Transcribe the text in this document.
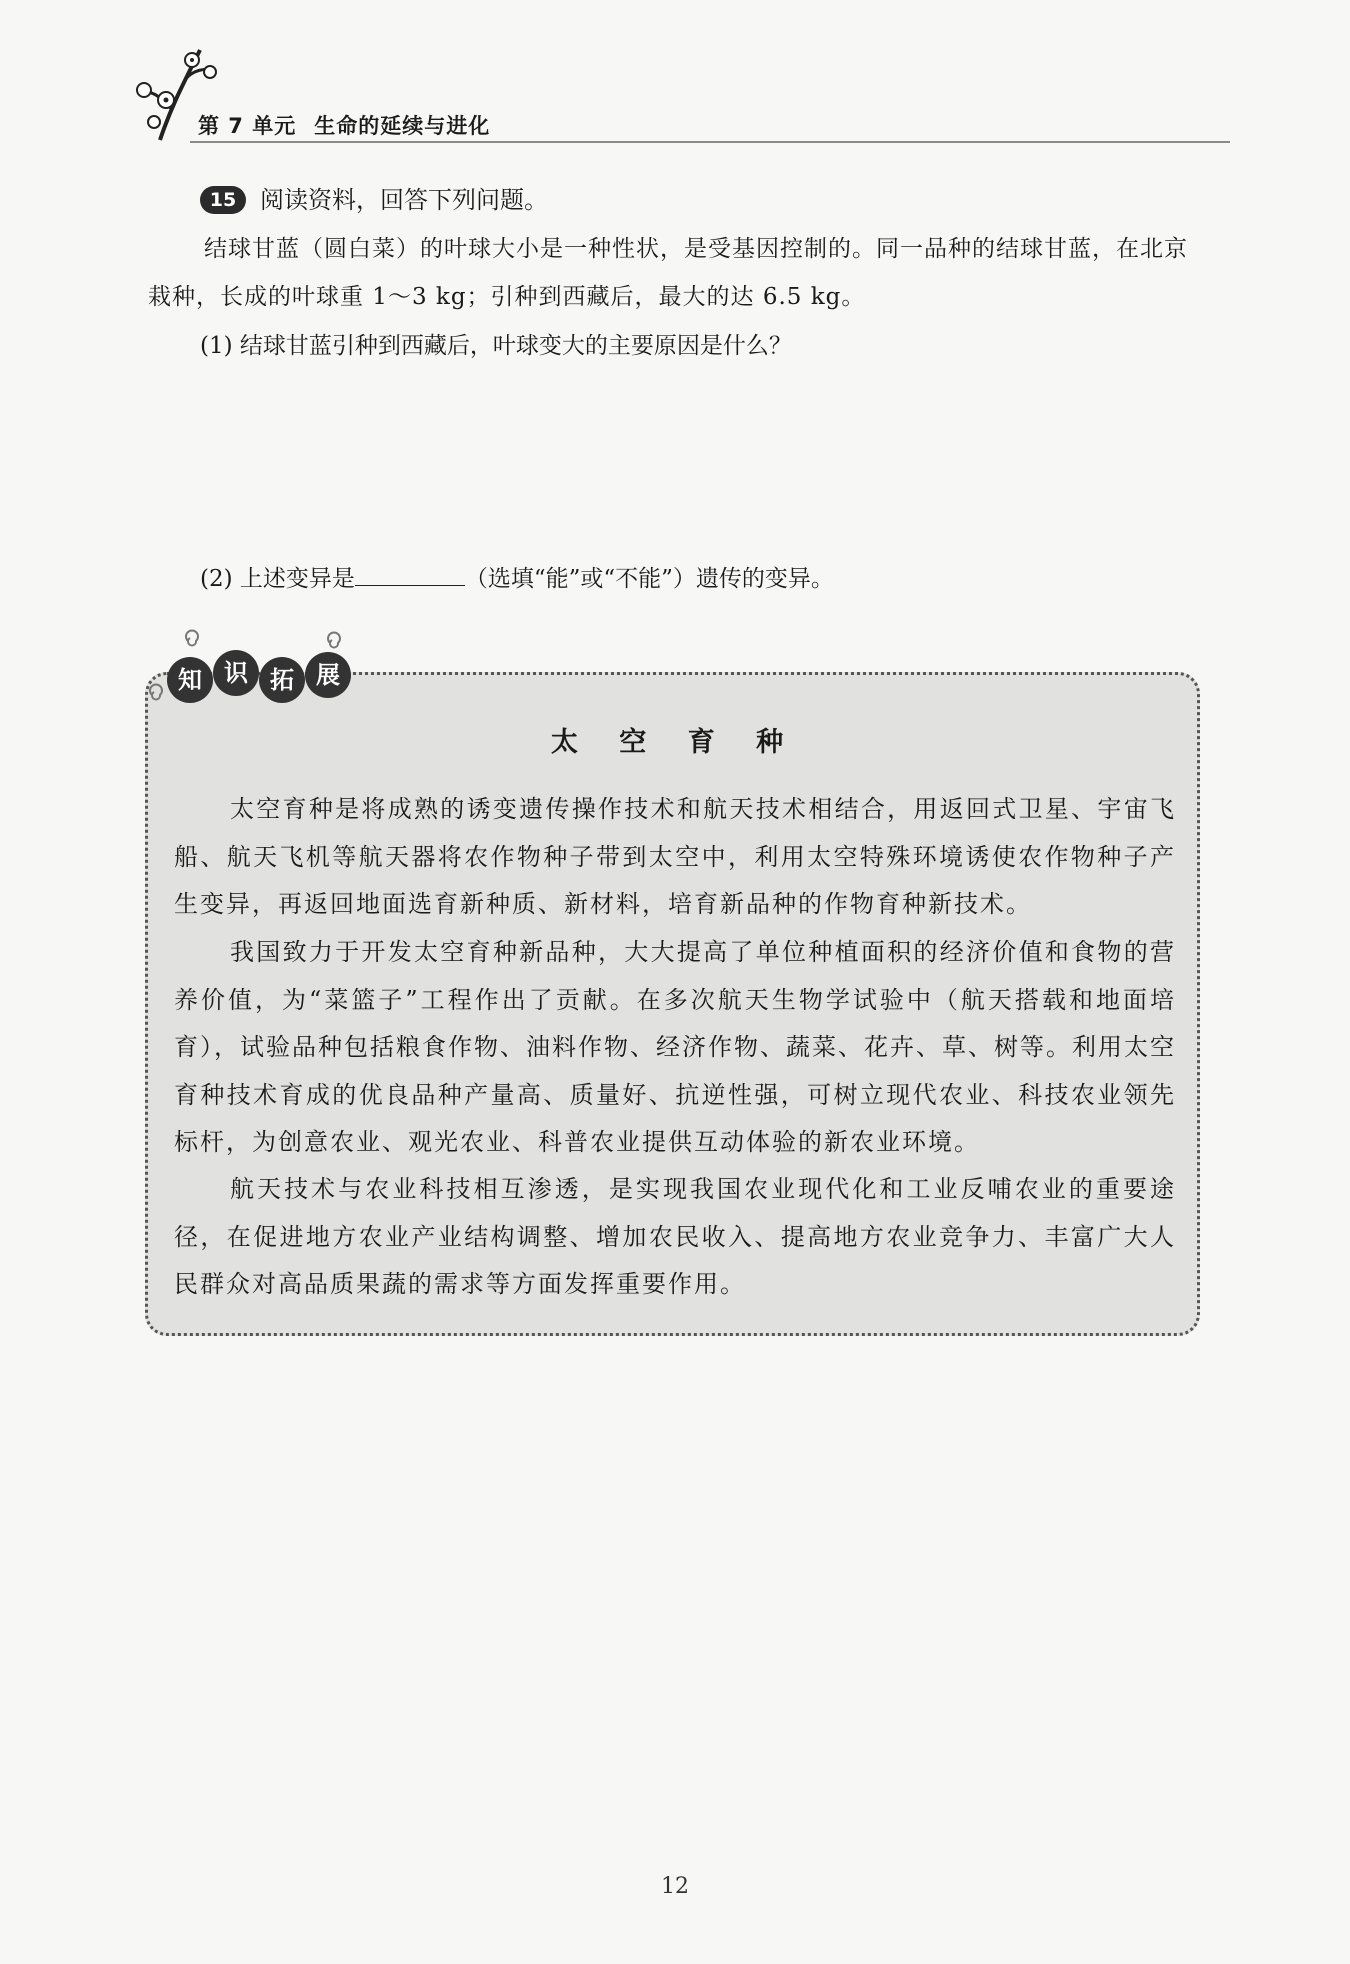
第 7 单元 生命的延续与进化
15 阅读资料，回答下列问题。
结球甘蓝（圆白菜）的叶球大小是一种性状，是受基因控制的。同一品种的结球甘蓝，在北京栽种，长成的叶球重 1～3 kg；引种到西藏后，最大的达 6.5 kg。
(1) 结球甘蓝引种到西藏后，叶球变大的主要原因是什么？
(2) 上述变异是	（选填“能”或“不能”）遗传的变异。
知 识 拓 展
太 空 育 种
太空育种是将成熟的诱变遗传操作技术和航天技术相结合，用返回式卫星、宇宙飞船、航天飞机等航天器将农作物种子带到太空中，利用太空特殊环境诱使农作物种子产生变异，再返回地面选育新种质、新材料，培育新品种的作物育种新技术。
我国致力于开发太空育种新品种，大大提高了单位种植面积的经济价值和食物的营养价值，为“菜篮子”工程作出了贡献。在多次航天生物学试验中（航天搭载和地面培育），试验品种包括粮食作物、油料作物、经济作物、蔬菜、花卉、草、树等。利用太空育种技术育成的优良品种产量高、质量好、抗逆性强，可树立现代农业、科技农业领先标杆，为创意农业、观光农业、科普农业提供互动体验的新农业环境。
航天技术与农业科技相互渗透，是实现我国农业现代化和工业反哺农业的重要途径，在促进地方农业产业结构调整、增加农民收入、提高地方农业竞争力、丰富广大人民群众对高品质果蔬的需求等方面发挥重要作用。
12
